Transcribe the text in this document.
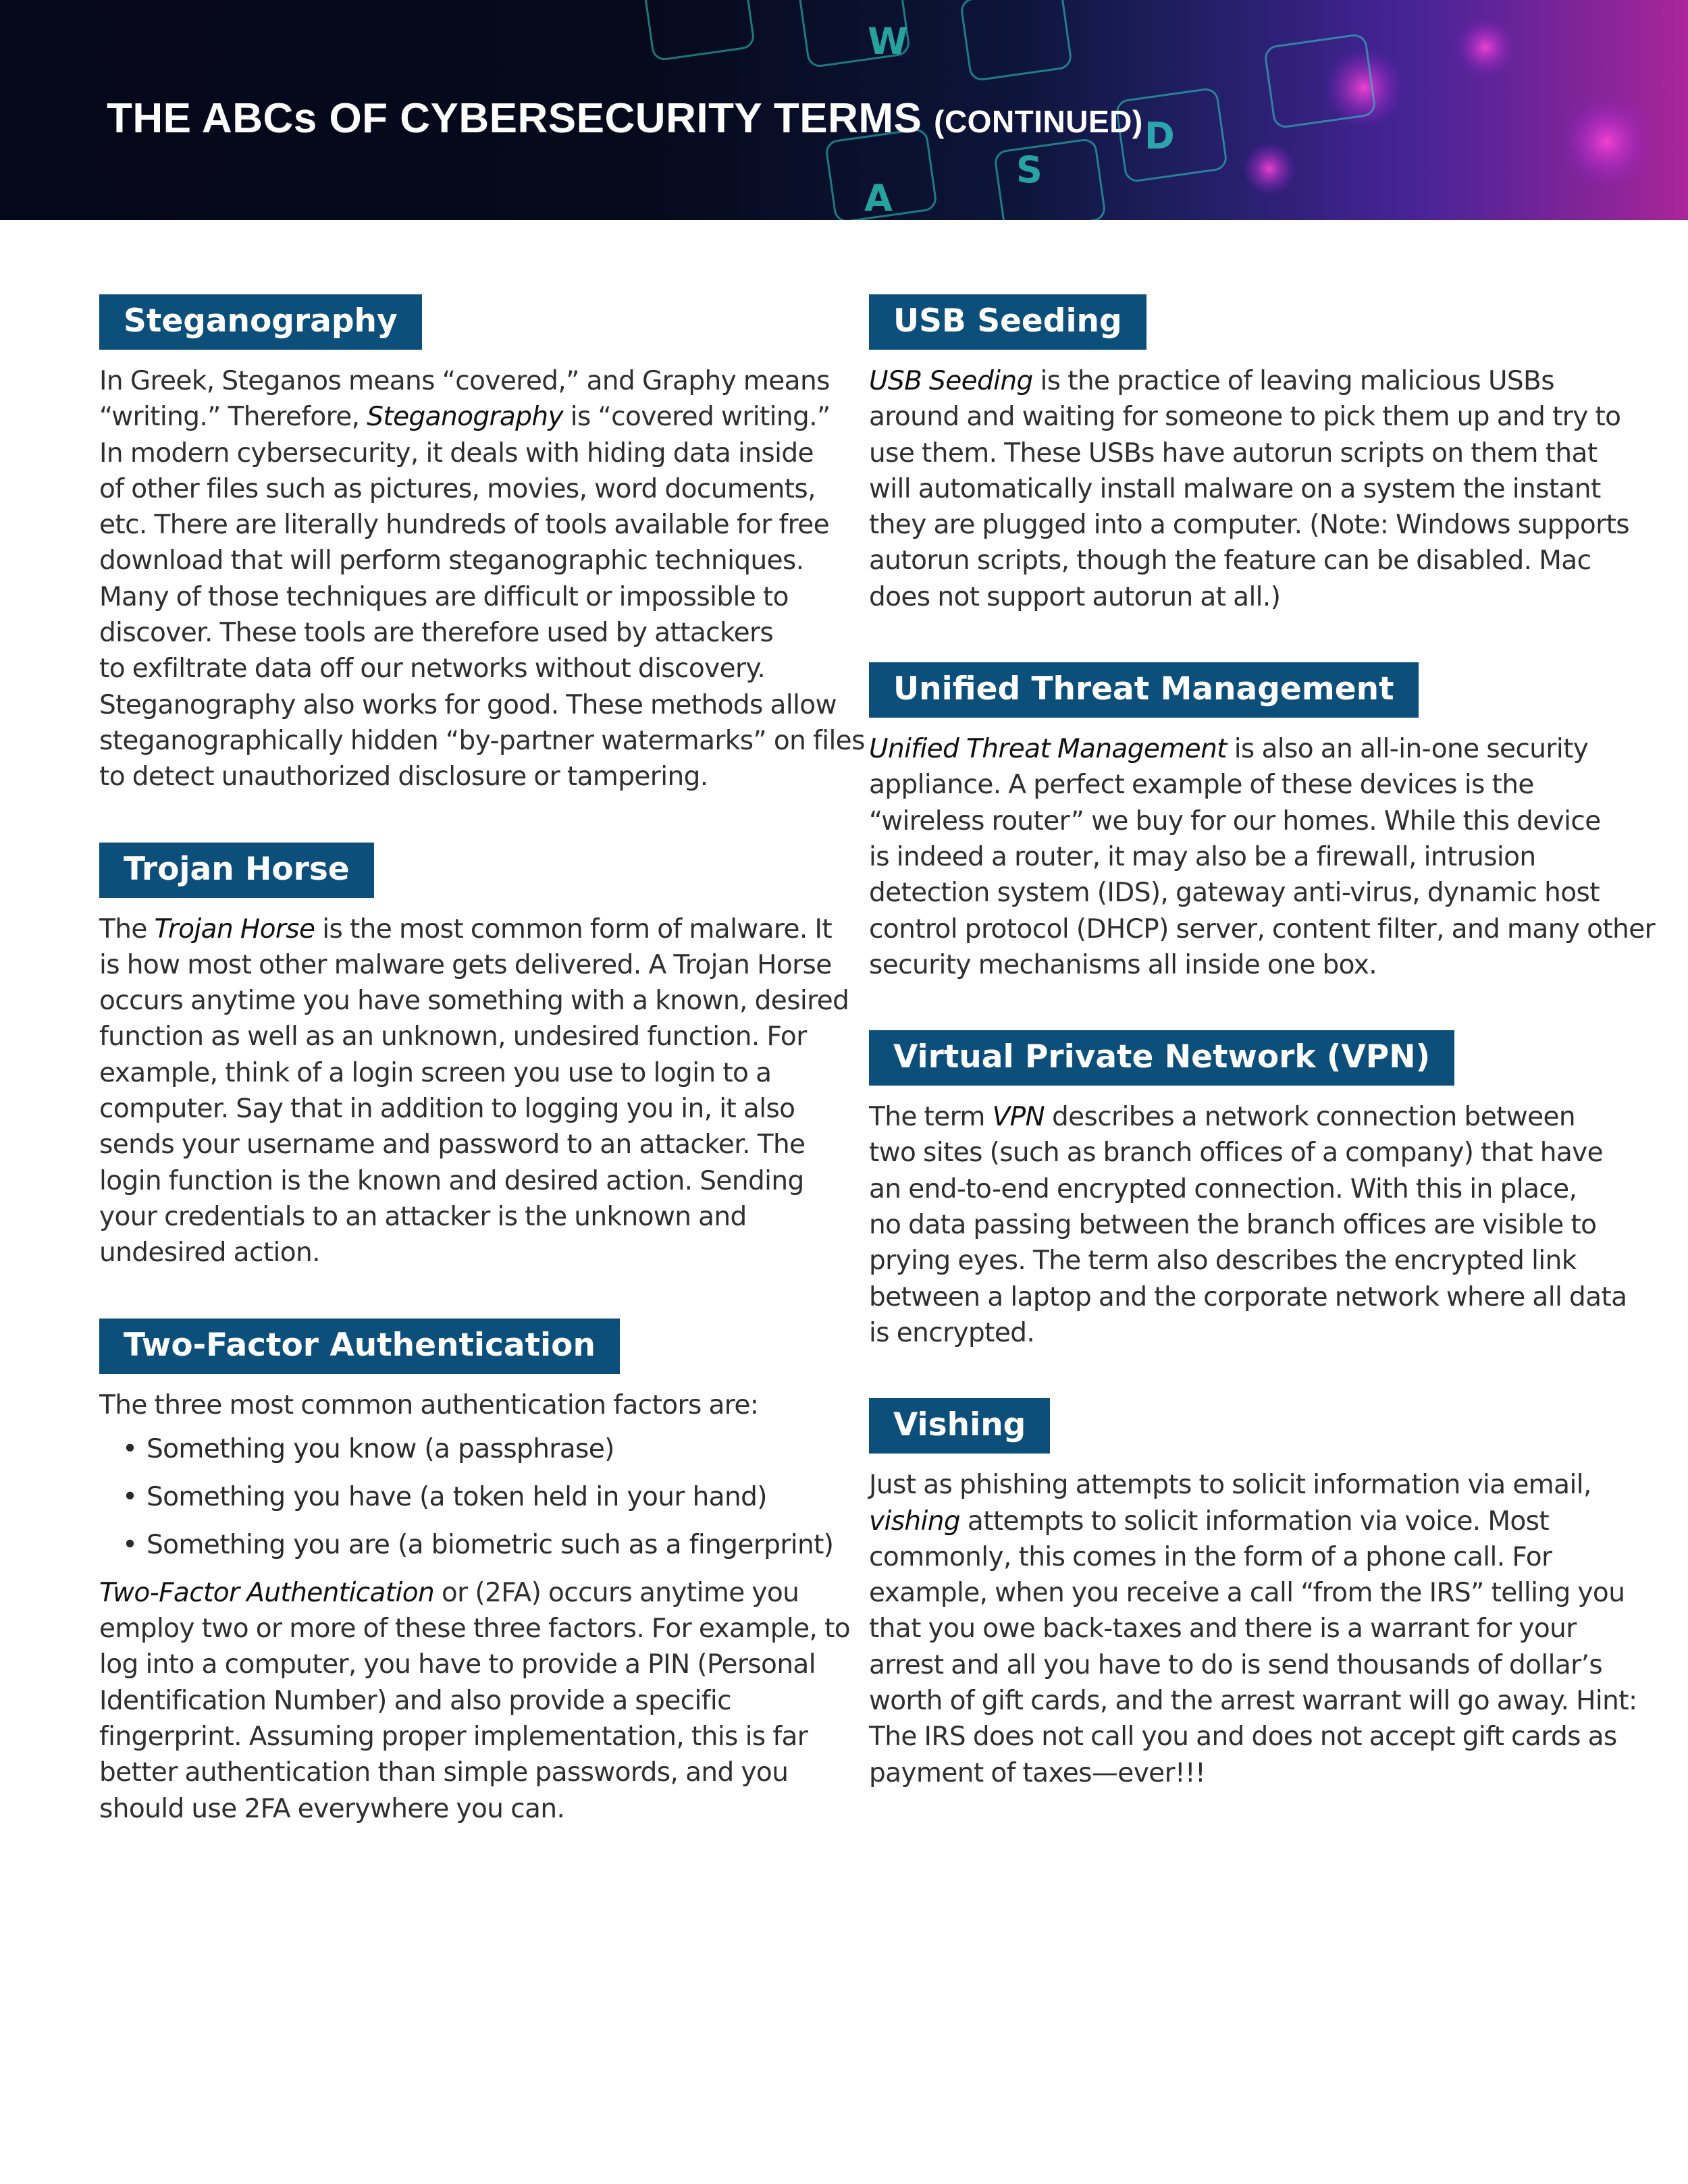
W
A
S
D
THE ABCs OF CYBERSECURITY TERMS (CONTINUED)
Steganography

In Greek, Steganos means “covered,” and Graphy means
“writing.” Therefore, Steganography is “covered writing.”
In modern cybersecurity, it deals with hiding data inside
of other files such as pictures, movies, word documents,
etc. There are literally hundreds of tools available for free
download that will perform steganographic techniques.
Many of those techniques are difficult or impossible to
discover. These tools are therefore used by attackers
to exfiltrate data off our networks without discovery.
Steganography also works for good. These methods allow
steganographically hidden “by-partner watermarks” on files
to detect unauthorized disclosure or tampering.

Trojan Horse

The Trojan Horse is the most common form of malware. It
is how most other malware gets delivered. A Trojan Horse
occurs anytime you have something with a known, desired
function as well as an unknown, undesired function. For
example, think of a login screen you use to login to a
computer. Say that in addition to logging you in, it also
sends your username and password to an attacker. The
login function is the known and desired action. Sending
your credentials to an attacker is the unknown and
undesired action.

Two-Factor Authentication

The three most common authentication factors are:

• Something you know (a passphrase)
• Something you have (a token held in your hand)
• Something you are (a biometric such as a fingerprint)

Two-Factor Authentication or (2FA) occurs anytime you
employ two or more of these three factors. For example, to
log into a computer, you have to provide a PIN (Personal
Identification Number) and also provide a specific
fingerprint. Assuming proper implementation, this is far
better authentication than simple passwords, and you
should use 2FA everywhere you can.

USB Seeding

USB Seeding is the practice of leaving malicious USBs
around and waiting for someone to pick them up and try to
use them. These USBs have autorun scripts on them that
will automatically install malware on a system the instant
they are plugged into a computer. (Note: Windows supports
autorun scripts, though the feature can be disabled. Mac
does not support autorun at all.)

Unified Threat Management

Unified Threat Management is also an all-in-one security
appliance. A perfect example of these devices is the
“wireless router” we buy for our homes. While this device
is indeed a router, it may also be a firewall, intrusion
detection system (IDS), gateway anti-virus, dynamic host
control protocol (DHCP) server, content filter, and many other
security mechanisms all inside one box.

Virtual Private Network (VPN)

The term VPN describes a network connection between
two sites (such as branch offices of a company) that have
an end-to-end encrypted connection. With this in place,
no data passing between the branch offices are visible to
prying eyes. The term also describes the encrypted link
between a laptop and the corporate network where all data
is encrypted.

Vishing

Just as phishing attempts to solicit information via email,
vishing attempts to solicit information via voice. Most
commonly, this comes in the form of a phone call. For
example, when you receive a call “from the IRS” telling you
that you owe back-taxes and there is a warrant for your
arrest and all you have to do is send thousands of dollar’s
worth of gift cards, and the arrest warrant will go away. Hint:
The IRS does not call you and does not accept gift cards as
payment of taxes—ever!!!
